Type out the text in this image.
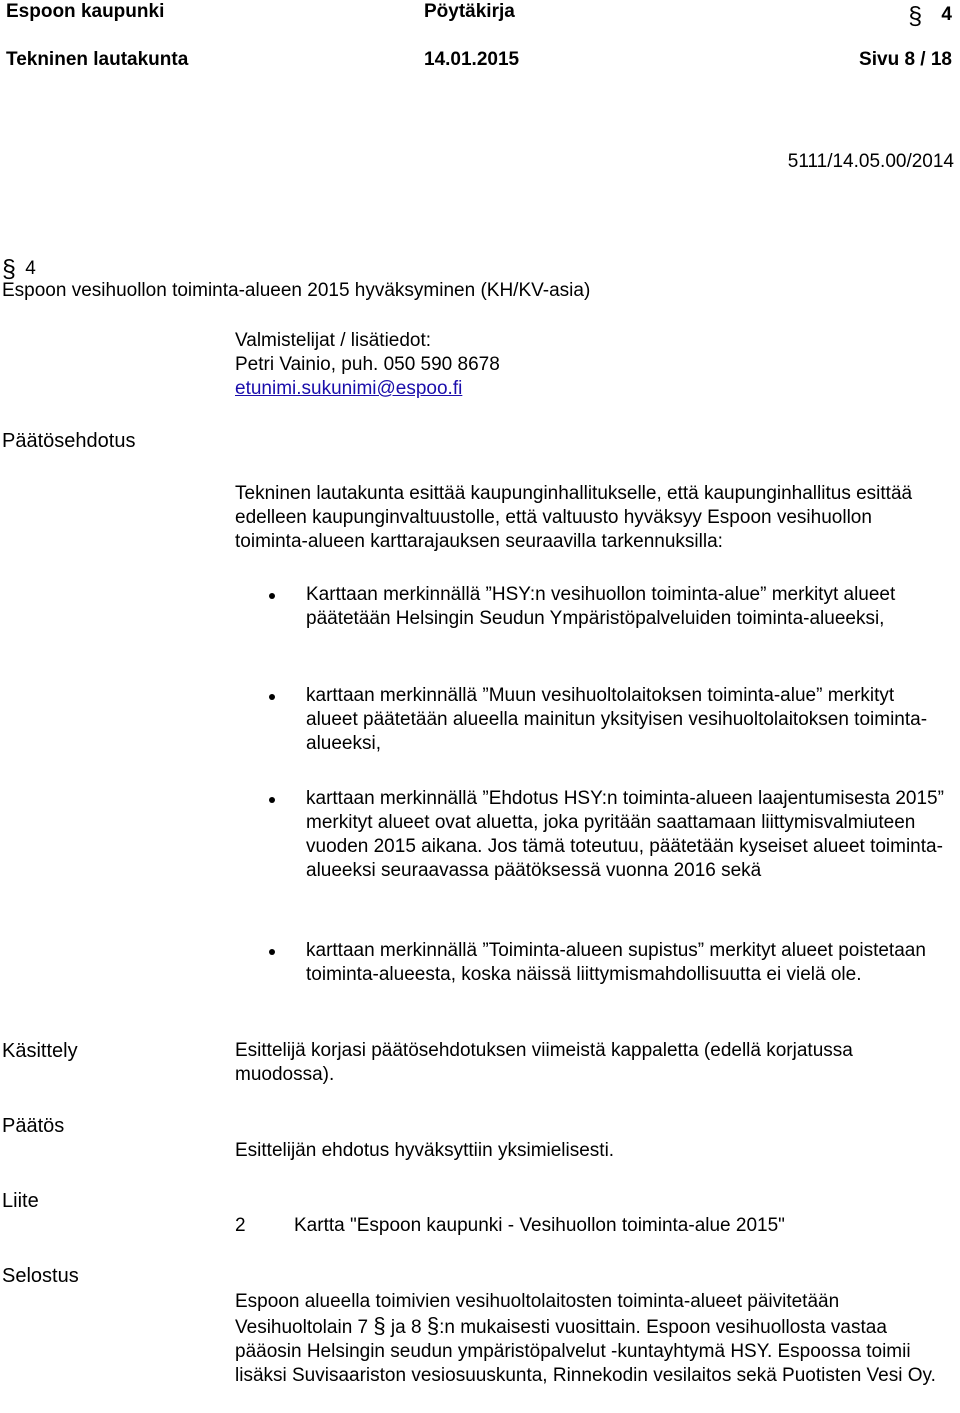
Espoon kaupunki	Pöytäkirja	§ 4
Tekninen lautakunta	14.01.2015	Sivu 8 / 18
5111/14.05.00/2014
§ 4
Espoon vesihuollon toiminta-alueen 2015 hyväksyminen (KH/KV-asia)

Valmistelijat / lisätiedot:

Petri Vainio, puh. 050 590 8678

etunimi.sukunimi@espoo.fi

Päätösehdotus
Tekninen lautakunta esittää kaupunginhallitukselle, että kaupunginhallitus esittää edelleen kaupunginvaltuustolle, että valtuusto hyväksyy Espoon vesihuollon toiminta-alueen karttarajauksen seuraavilla tarkennuksilla:
Karttaan merkinnällä ”HSY:n vesihuollon toiminta-alue” merkityt alueet päätetään Helsingin Seudun Ympäristöpalveluiden toiminta-alueeksi,
karttaan merkinnällä ”Muun vesihuoltolaitoksen toiminta-alue” merkityt alueet päätetään alueella mainitun yksityisen vesihuoltolaitoksen toiminta-alueeksi,
karttaan merkinnällä ”Ehdotus HSY:n toiminta-alueen laajentumisesta 2015” merkityt alueet ovat aluetta, joka pyritään saattamaan liittymisvalmiuteen vuoden 2015 aikana. Jos tämä toteutuu, päätetään kyseiset alueet toiminta-alueeksi seuraavassa päätöksessä vuonna 2016 sekä
karttaan merkinnällä ”Toiminta-alueen supistus” merkityt alueet poistetaan toiminta-alueesta, koska näissä liittymismahdollisuutta ei vielä ole.
Käsittely	Esittelijä korjasi päätösehdotuksen viimeistä kappaletta (edellä korjatussa muodossa).
Päätös
Esittelijän ehdotus hyväksyttiin yksimielisesti.
Liite
2	Kartta "Espoon kaupunki - Vesihuollon toiminta-alue 2015"
Selostus
Espoon alueella toimivien vesihuoltolaitosten toiminta-alueet päivitetään Vesihuoltolain 7 § ja 8 §:n mukaisesti vuosittain. Espoon vesihuollosta vastaa pääosin Helsingin seudun ympäristöpalvelut -kuntayhtymä HSY. Espoossa toimii lisäksi Suvisaariston vesiosuuskunta, Rinnekodin vesilaitos sekä Puotisten Vesi Oy.
